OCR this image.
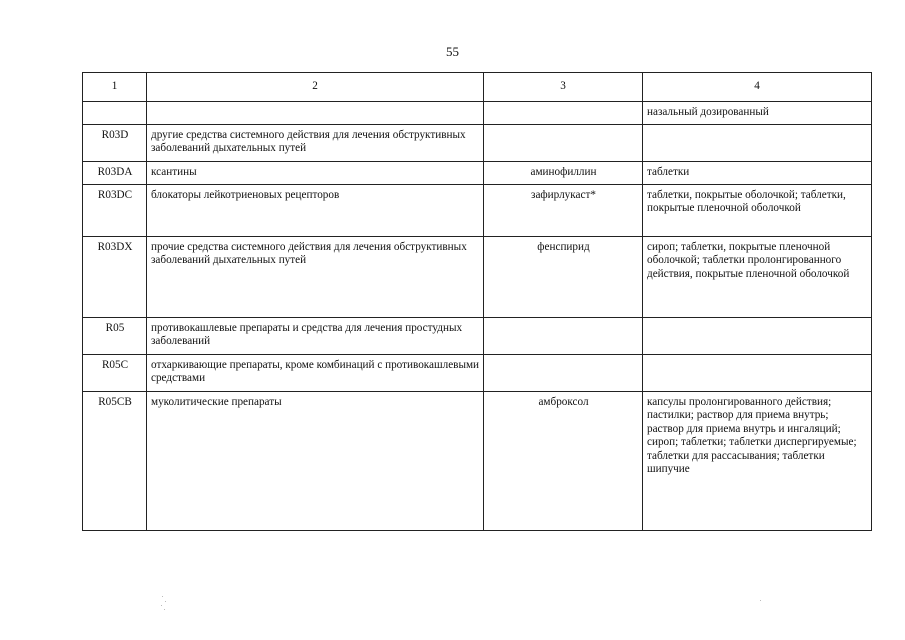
55
1	2	3	4
			назальный дозированный
R03D	другие средства системного действия для лечения обструктивных заболеваний дыхательных путей		
R03DA	ксантины	аминофиллин	таблетки
R03DC	блокаторы лейкотриеновых рецепторов	зафирлукаст*	таблетки, покрытые оболочкой; таблетки, покрытые пленочной оболочкой
R03DX	прочие средства системного действия для лечения обструктивных заболеваний дыхательных путей	фенспирид	сироп; таблетки, покрытые пленочной оболочкой; таблетки пролонгированного действия, покрытые пленочной оболочкой
R05	противокашлевые препараты и средства для лечения простудных заболеваний		
R05C	отхаркивающие препараты, кроме комбинаций с противокашлевыми средствами		
R05CB	муколитические препараты	амброксол	капсулы пролонгированного действия; пастилки; раствор для приема внутрь; раствор для приема внутрь и ингаляций; сироп; таблетки; таблетки диспергируемые; таблетки для рассасывания; таблетки шипучие
